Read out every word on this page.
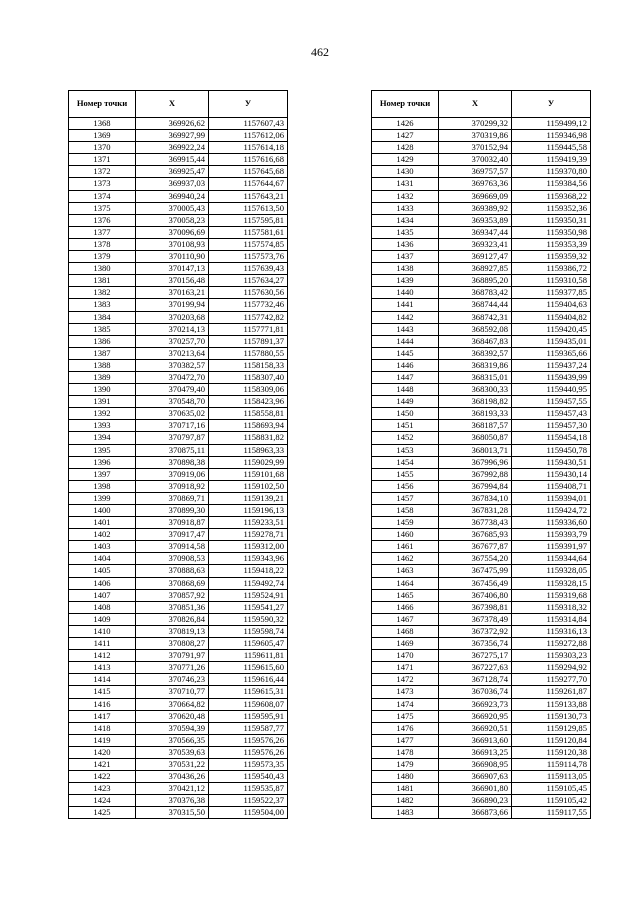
462
Номер точки	Х	У
1368	369926,62	1157607,43
1369	369927,99	1157612,06
1370	369922,24	1157614,18
1371	369915,44	1157616,68
1372	369925,47	1157645,68
1373	369937,03	1157644,67
1374	369940,24	1157643,21
1375	370005,43	1157613,50
1376	370058,23	1157595,81
1377	370096,69	1157581,61
1378	370108,93	1157574,85
1379	370110,90	1157573,76
1380	370147,13	1157639,43
1381	370156,48	1157634,27
1382	370163,21	1157630,56
1383	370199,94	1157732,46
1384	370203,68	1157742,82
1385	370214,13	1157771,81
1386	370257,70	1157891,37
1387	370213,64	1157880,55
1388	370382,57	1158158,33
1389	370472,70	1158307,40
1390	370479,40	1158309,06
1391	370548,70	1158423,96
1392	370635,02	1158558,81
1393	370717,16	1158693,94
1394	370797,87	1158831,82
1395	370875,11	1158963,33
1396	370898,38	1159029,99
1397	370919,06	1159101,68
1398	370918,92	1159102,50
1399	370869,71	1159139,21
1400	370899,30	1159196,13
1401	370918,87	1159233,51
1402	370917,47	1159278,71
1403	370914,58	1159312,00
1404	370908,53	1159343,96
1405	370888,63	1159418,22
1406	370868,69	1159492,74
1407	370857,92	1159524,91
1408	370851,36	1159541,27
1409	370826,84	1159590,32
1410	370819,13	1159598,74
1411	370808,27	1159605,47
1412	370791,97	1159611,81
1413	370771,26	1159615,60
1414	370746,23	1159616,44
1415	370710,77	1159615,31
1416	370664,82	1159608,07
1417	370620,48	1159595,91
1418	370594,39	1159587,77
1419	370566,35	1159576,26
1420	370539,63	1159576,26
1421	370531,22	1159573,35
1422	370436,26	1159540,43
1423	370421,12	1159535,87
1424	370376,38	1159522,37
1425	370315,50	1159504,00
Номер точки	Х	У
1426	370299,32	1159499,12
1427	370319,86	1159346,98
1428	370152,94	1159445,58
1429	370032,40	1159419,39
1430	369757,57	1159370,80
1431	369763,36	1159384,56
1432	369669,09	1159368,22
1433	369389,92	1159352,36
1434	369353,89	1159350,31
1435	369347,44	1159350,98
1436	369323,41	1159353,39
1437	369127,47	1159359,32
1438	368927,85	1159386,72
1439	368895,20	1159310,58
1440	368783,42	1159377,85
1441	368744,44	1159404,63
1442	368742,31	1159404,82
1443	368592,08	1159420,45
1444	368467,83	1159435,01
1445	368392,57	1159365,66
1446	368319,86	1159437,24
1447	368315,01	1159439,99
1448	368300,33	1159440,95
1449	368198,82	1159457,55
1450	368193,33	1159457,43
1451	368187,57	1159457,30
1452	368050,87	1159454,18
1453	368013,71	1159450,78
1454	367996,96	1159430,51
1455	367992,88	1159430,14
1456	367994,84	1159408,71
1457	367834,10	1159394,01
1458	367831,28	1159424,72
1459	367738,43	1159336,60
1460	367685,93	1159393,79
1461	367677,87	1159391,97
1462	367554,20	1159344,64
1463	367475,99	1159328,05
1464	367456,49	1159328,15
1465	367406,80	1159319,68
1466	367398,81	1159318,32
1467	367378,49	1159314,84
1468	367372,92	1159316,13
1469	367356,74	1159272,88
1470	367275,17	1159303,23
1471	367227,63	1159294,92
1472	367128,74	1159277,70
1473	367036,74	1159261,87
1474	366923,73	1159133,88
1475	366920,95	1159130,73
1476	366920,51	1159129,85
1477	366913,60	1159120,84
1478	366913,25	1159120,38
1479	366908,95	1159114,78
1480	366907,63	1159113,05
1481	366901,80	1159105,45
1482	366890,23	1159105,42
1483	366873,66	1159117,55
